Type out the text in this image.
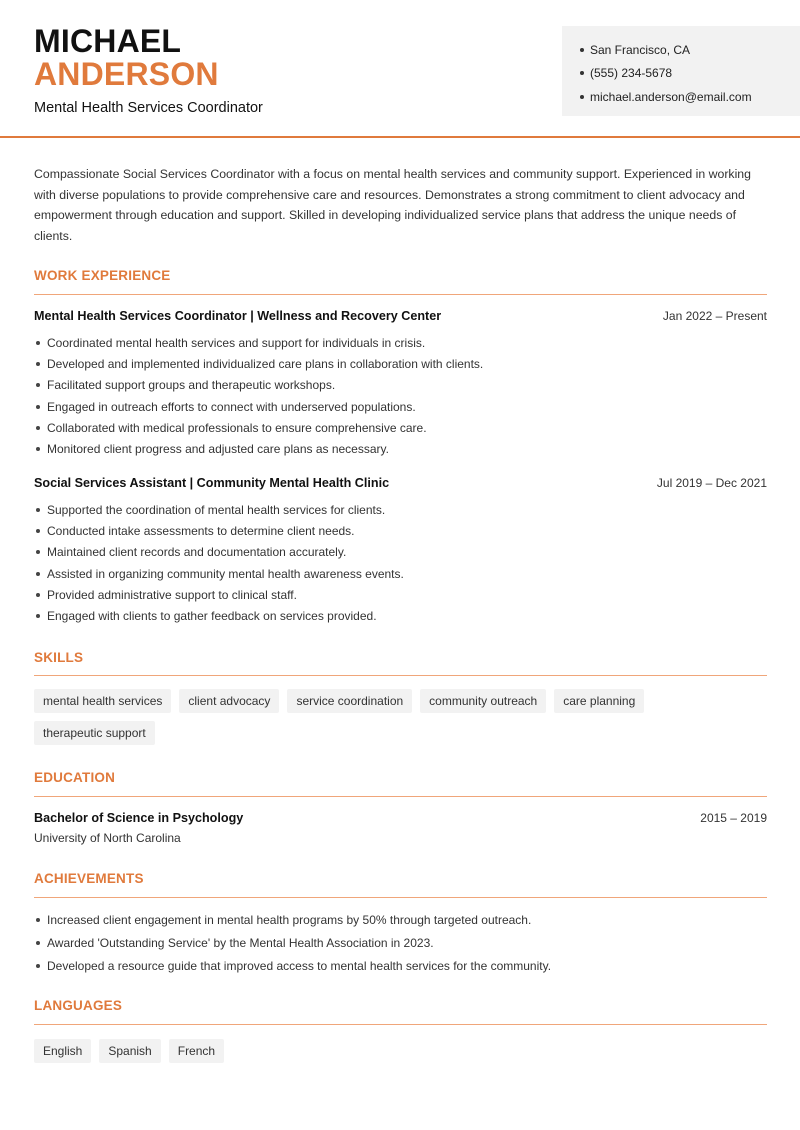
MICHAEL
ANDERSON
Mental Health Services Coordinator
San Francisco, CA
(555) 234-5678
michael.anderson@email.com

Compassionate Social Services Coordinator with a focus on mental health services and community support. Experienced in working with diverse populations to provide comprehensive care and resources. Demonstrates a strong commitment to client advocacy and empowerment through education and support. Skilled in developing individualized service plans that address the unique needs of clients.

WORK EXPERIENCE
Mental Health Services Coordinator | Wellness and Recovery Center	Jan 2022 – Present
Coordinated mental health services and support for individuals in crisis.
Developed and implemented individualized care plans in collaboration with clients.
Facilitated support groups and therapeutic workshops.
Engaged in outreach efforts to connect with underserved populations.
Collaborated with medical professionals to ensure comprehensive care.
Monitored client progress and adjusted care plans as necessary.
Social Services Assistant | Community Mental Health Clinic	Jul 2019 – Dec 2021
Supported the coordination of mental health services for clients.
Conducted intake assessments to determine client needs.
Maintained client records and documentation accurately.
Assisted in organizing community mental health awareness events.
Provided administrative support to clinical staff.
Engaged with clients to gather feedback on services provided.
SKILLS
mental health services	client advocacy	service coordination	community outreach	care planning
therapeutic support
EDUCATION
Bachelor of Science in Psychology	2015 – 2019
University of North Carolina
ACHIEVEMENTS
Increased client engagement in mental health programs by 50% through targeted outreach.
Awarded 'Outstanding Service' by the Mental Health Association in 2023.
Developed a resource guide that improved access to mental health services for the community.
LANGUAGES
English	Spanish	French
